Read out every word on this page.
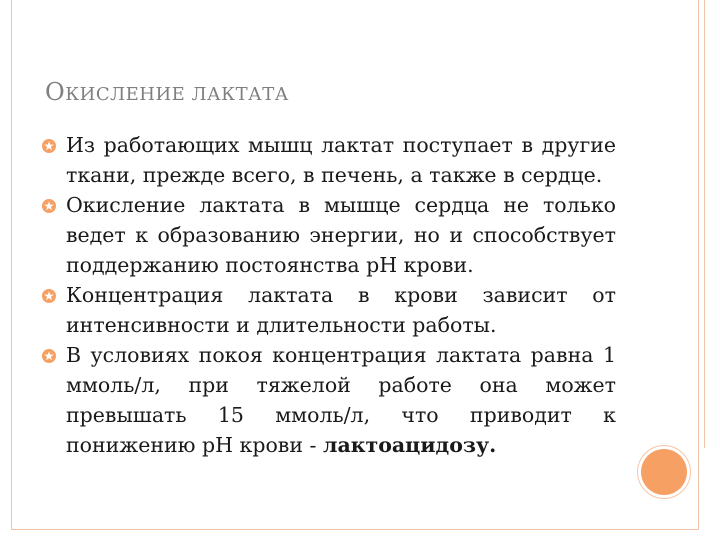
ОКИСЛЕНИЕ ЛАКТАТА
Из работающих мышц лактат поступает в другие ткани, прежде всего, в печень, а также в сердце.
Окисление лактата в мышце сердца не только ведет к образованию энергии, но и способствует поддержанию постоянства pH крови.
Концентрация лактата в крови зависит от интенсивности и длительности работы.
В условиях покоя концентрация лактата равна 1 ммоль/л, при тяжелой работе она может превышать 15 ммоль/л, что приводит к понижению pH крови - лактоацидозу.
